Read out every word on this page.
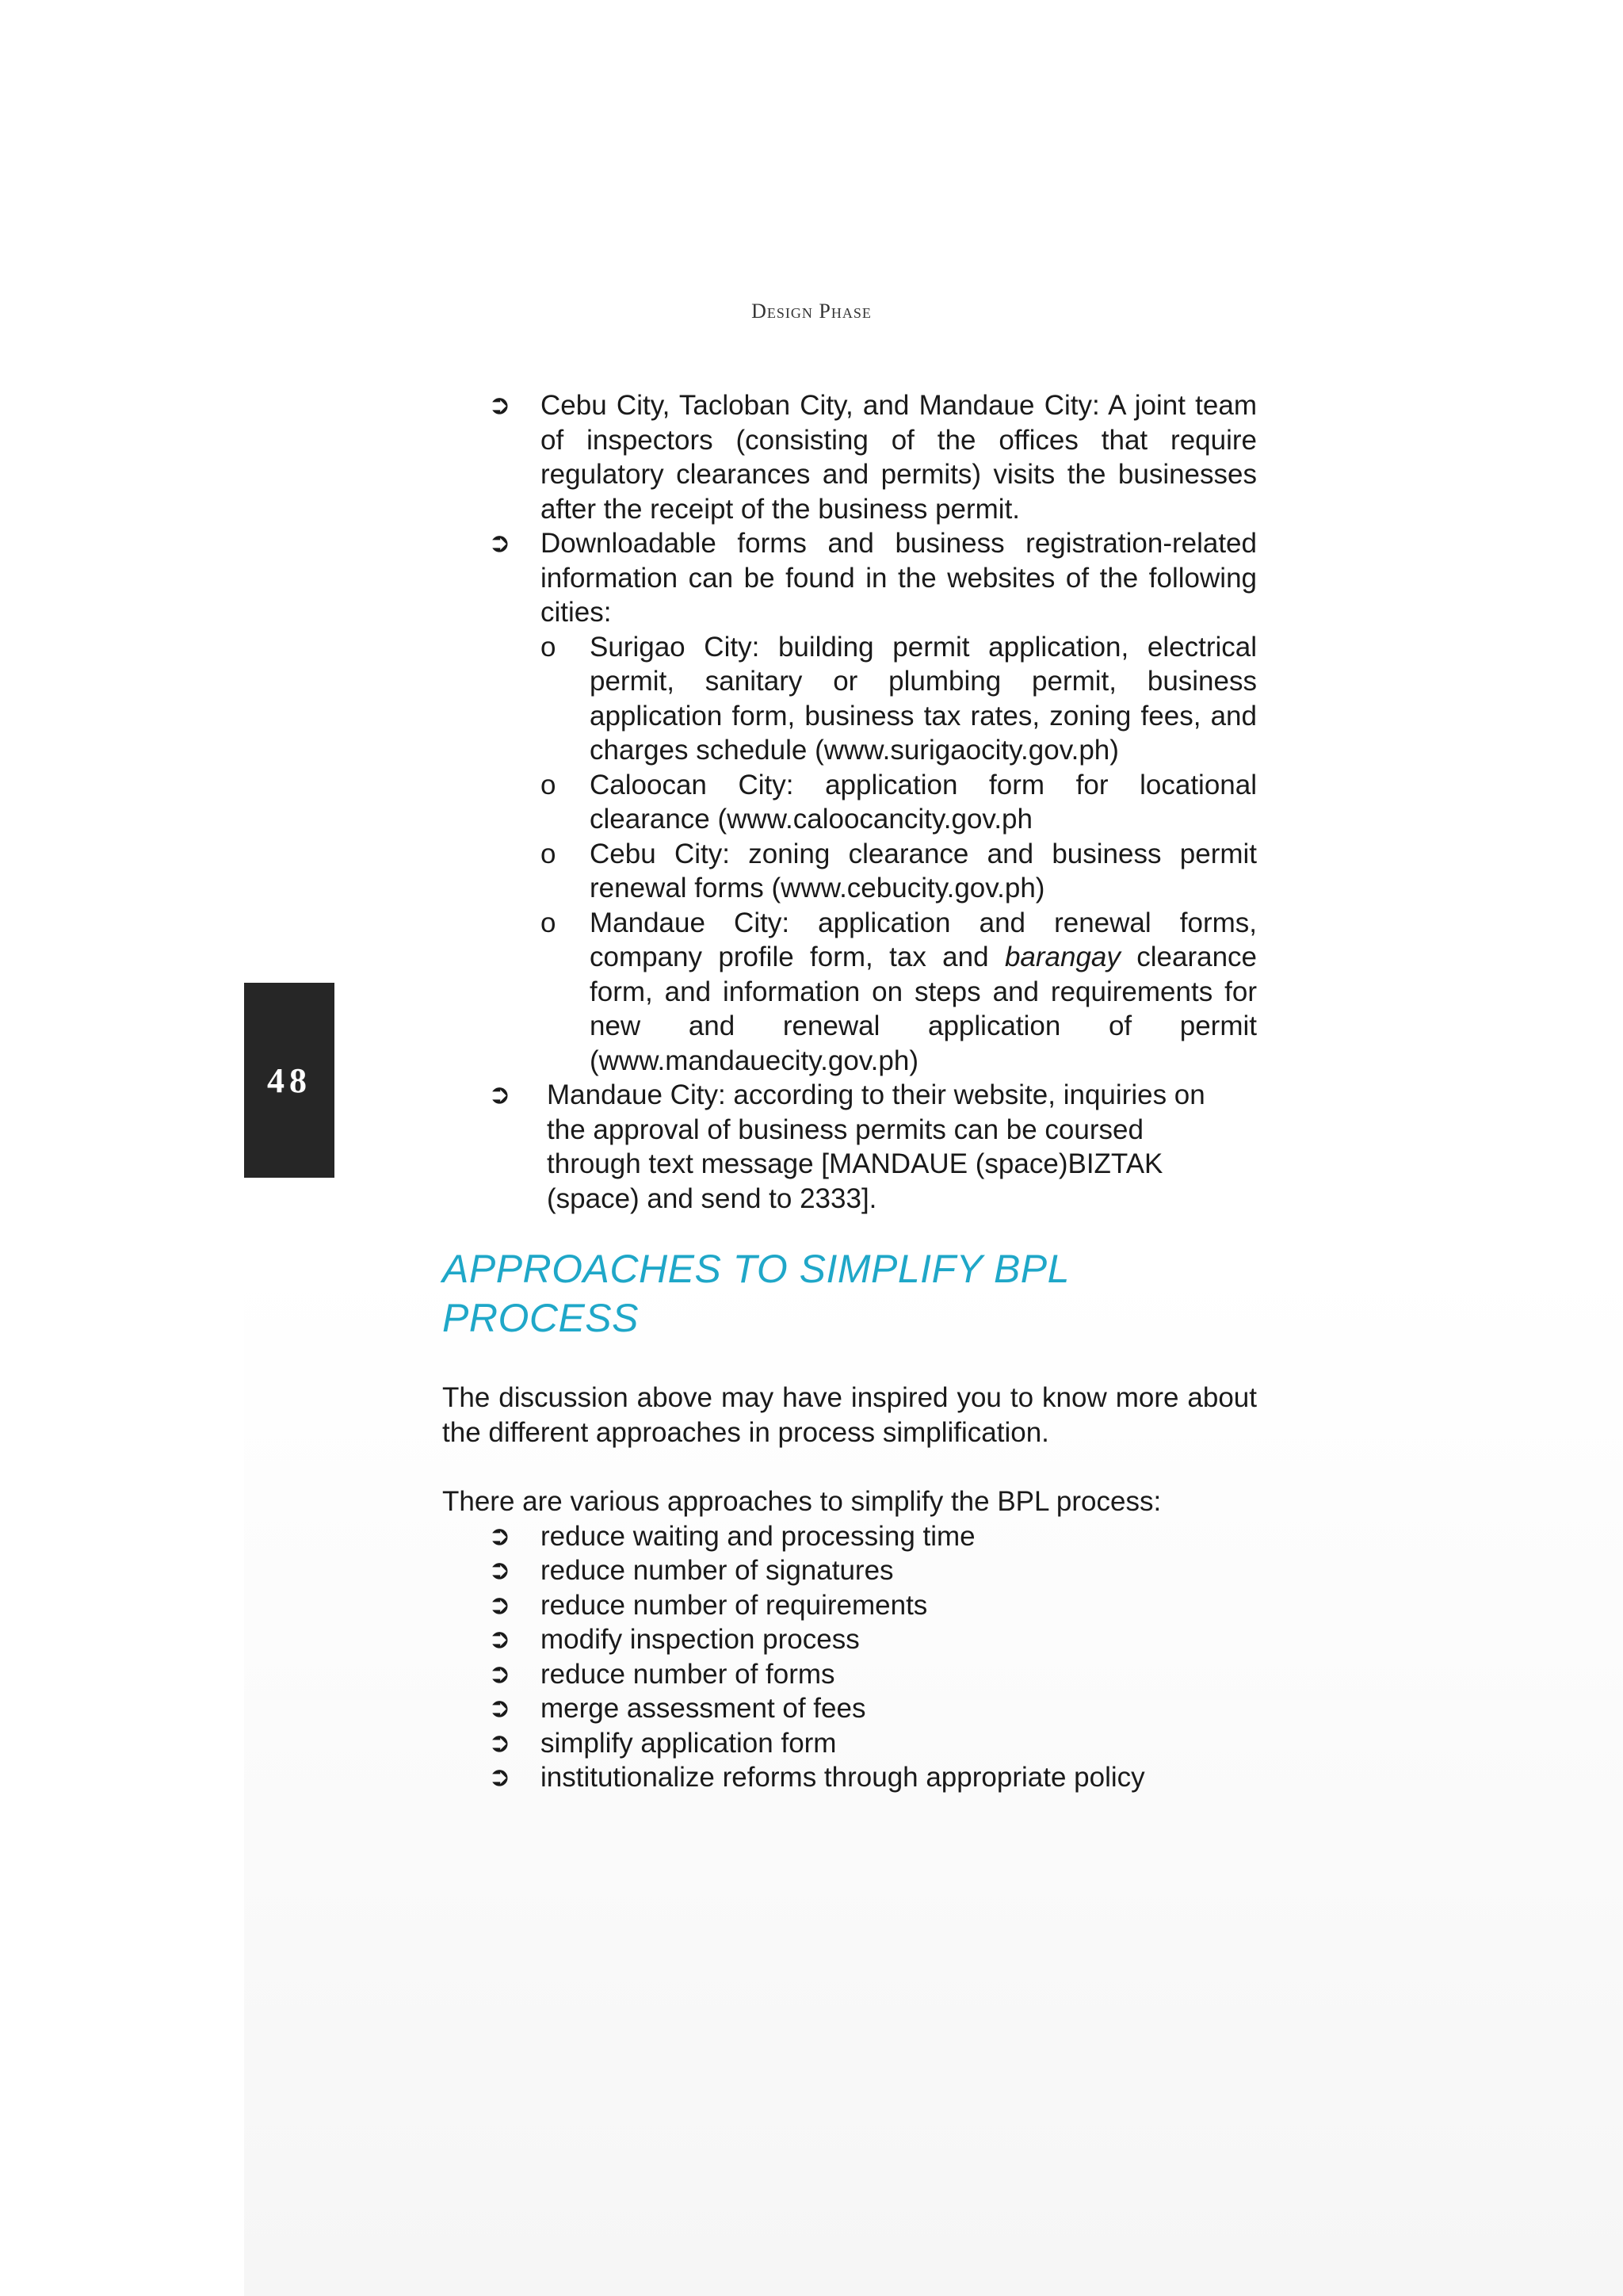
Design Phase
48
➲ Cebu City, Tacloban City, and Mandaue City: A joint team of inspectors (consisting of the offices that require regulatory clearances and permits) visits the businesses after the receipt of the business permit.
➲ Downloadable forms and business registration-related information can be found in the websites of the following cities:
o Surigao City: building permit application, electrical permit, sanitary or plumbing permit, business application form, business tax rates, zoning fees, and charges schedule (www.surigaocity.gov.ph)
o Caloocan City: application form for locational clearance (www.caloocancity.gov.ph
o Cebu City: zoning clearance and business permit renewal forms (www.cebucity.gov.ph)
o Mandaue City: application and renewal forms, company profile form, tax and barangay clearance form, and information on steps and requirements for new and renewal application of permit (www.mandauecity.gov.ph)
➲ Mandaue City: according to their website, inquiries on the approval of business permits can be coursed through text message [MANDAUE (space)BIZTAK (space) and send to 2333].
APPROACHES TO SIMPLIFY BPL PROCESS
The discussion above may have inspired you to know more about the different approaches in process simplification.
There are various approaches to simplify the BPL process:
➲ reduce waiting and processing time
➲ reduce number of signatures
➲ reduce number of requirements
➲ modify inspection process
➲ reduce number of forms
➲ merge assessment of fees
➲ simplify application form
➲ institutionalize reforms through appropriate policy
